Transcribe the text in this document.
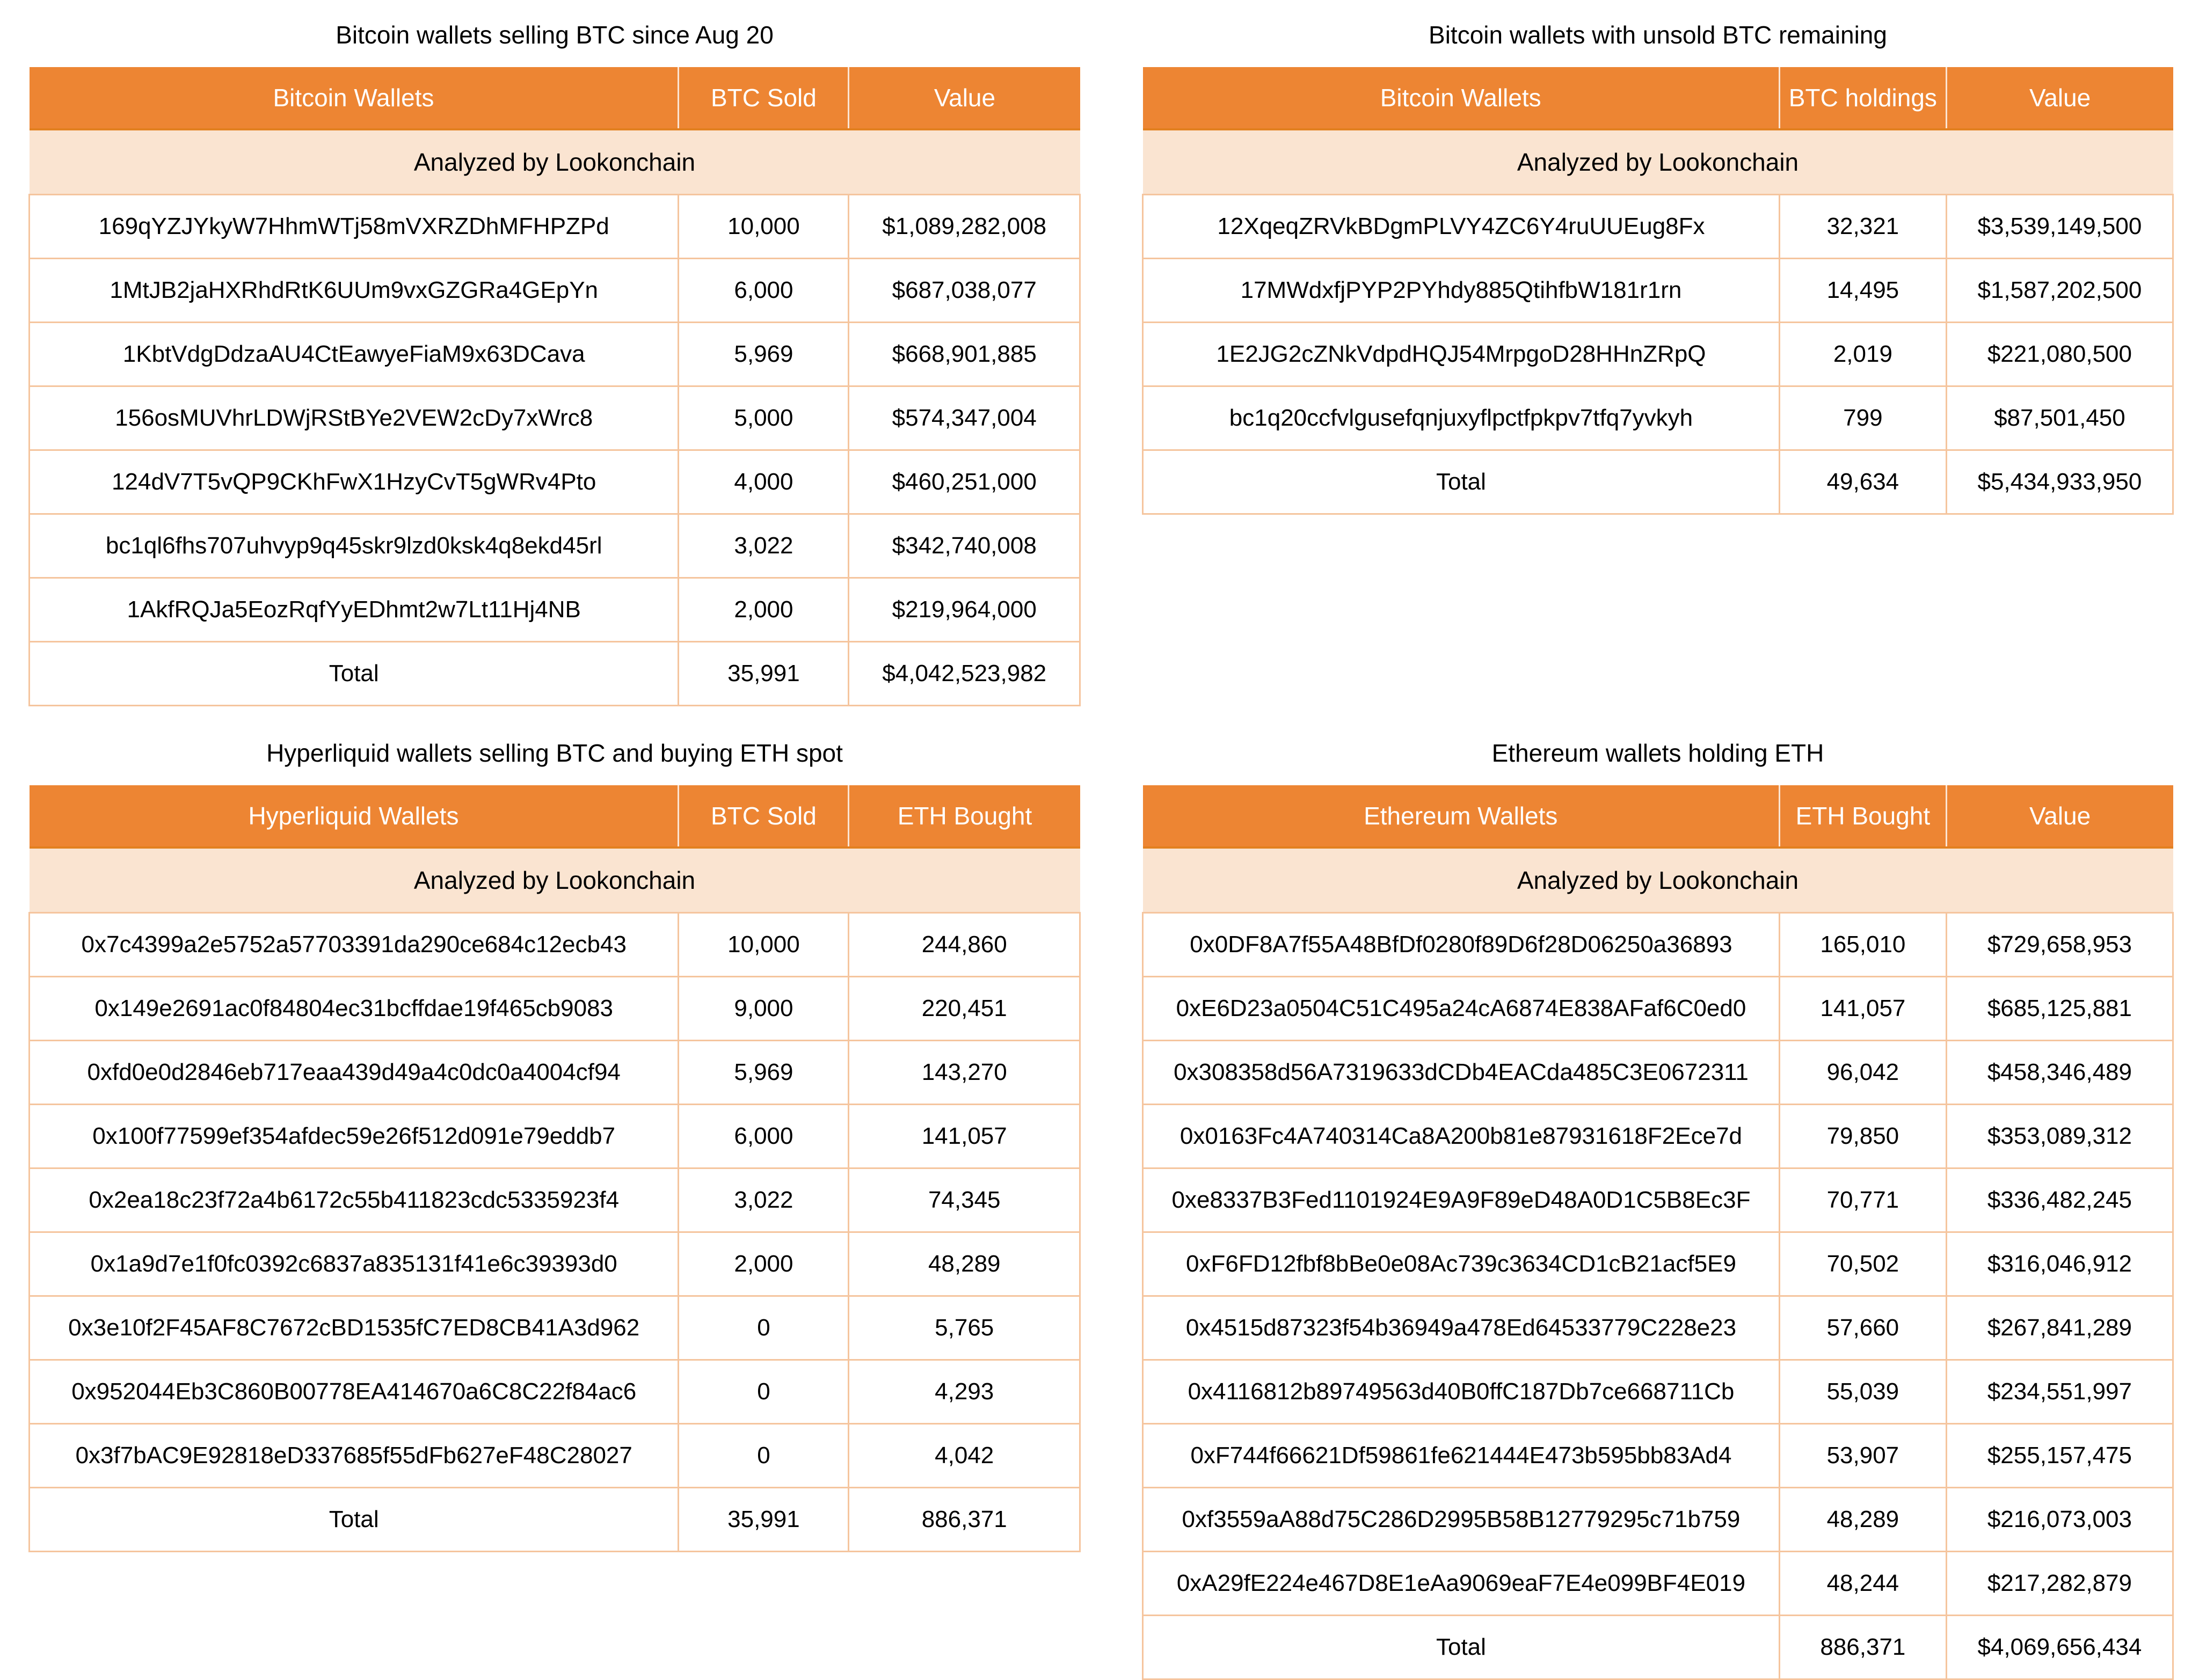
Bitcoin wallets selling BTC since Aug 20
Bitcoin Wallets	BTC Sold	Value
Analyzed by Lookonchain		
169qYZJYkyW7HhmWTj58mVXRZDhMFHPZPd	10,000	$1,089,282,008
1MtJB2jaHXRhdRtK6UUm9vxGZGRa4GEpYn	6,000	$687,038,077
1KbtVdgDdzaAU4CtEawyeFiaM9x63DCava	5,969	$668,901,885
156osMUVhrLDWjRStBYe2VEW2cDy7xWrc8	5,000	$574,347,004
124dV7T5vQP9CKhFwX1HzyCvT5gWRv4Pto	4,000	$460,251,000
bc1ql6fhs707uhvyp9q45skr9lzd0ksk4q8ekd45rl	3,022	$342,740,008
1AkfRQJa5EozRqfYyEDhmt2w7Lt11Hj4NB	2,000	$219,964,000
Total	35,991	$4,042,523,982
Bitcoin wallets with unsold BTC remaining
Bitcoin Wallets	BTC holdings	Value
Analyzed by Lookonchain		
12XqeqZRVkBDgmPLVY4ZC6Y4ruUUEug8Fx	32,321	$3,539,149,500
17MWdxfjPYP2PYhdy885QtihfbW181r1rn	14,495	$1,587,202,500
1E2JG2cZNkVdpdHQJ54MrpgoD28HHnZRpQ	2,019	$221,080,500
bc1q20ccfvlgusefqnjuxyflpctfpkpv7tfq7yvkyh	799	$87,501,450
Total	49,634	$5,434,933,950
Hyperliquid wallets selling BTC and buying ETH spot
Hyperliquid Wallets	BTC Sold	ETH Bought
Analyzed by Lookonchain		
0x7c4399a2e5752a57703391da290ce684c12ecb43	10,000	244,860
0x149e2691ac0f84804ec31bcffdae19f465cb9083	9,000	220,451
0xfd0e0d2846eb717eaa439d49a4c0dc0a4004cf94	5,969	143,270
0x100f77599ef354afdec59e26f512d091e79eddb7	6,000	141,057
0x2ea18c23f72a4b6172c55b411823cdc5335923f4	3,022	74,345
0x1a9d7e1f0fc0392c6837a835131f41e6c39393d0	2,000	48,289
0x3e10f2F45AF8C7672cBD1535fC7ED8CB41A3d962	0	5,765
0x952044Eb3C860B00778EA414670a6C8C22f84ac6	0	4,293
0x3f7bAC9E92818eD337685f55dFb627eF48C28027	0	4,042
Total	35,991	886,371
Ethereum wallets holding ETH
Ethereum Wallets	ETH Bought	Value
Analyzed by Lookonchain		
0x0DF8A7f55A48BfDf0280f89D6f28D06250a36893	165,010	$729,658,953
0xE6D23a0504C51C495a24cA6874E838AFaf6C0ed0	141,057	$685,125,881
0x308358d56A7319633dCDb4EACda485C3E0672311	96,042	$458,346,489
0x0163Fc4A740314Ca8A200b81e87931618F2Ece7d	79,850	$353,089,312
0xe8337B3Fed1101924E9A9F89eD48A0D1C5B8Ec3F	70,771	$336,482,245
0xF6FD12fbf8bBe0e08Ac739c3634CD1cB21acf5E9	70,502	$316,046,912
0x4515d87323f54b36949a478Ed64533779C228e23	57,660	$267,841,289
0x4116812b89749563d40B0ffC187Db7ce668711Cb	55,039	$234,551,997
0xF744f66621Df59861fe621444E473b595bb83Ad4	53,907	$255,157,475
0xf3559aA88d75C286D2995B58B12779295c71b759	48,289	$216,073,003
0xA29fE224e467D8E1eAa9069eaF7E4e099BF4E019	48,244	$217,282,879
Total	886,371	$4,069,656,434
